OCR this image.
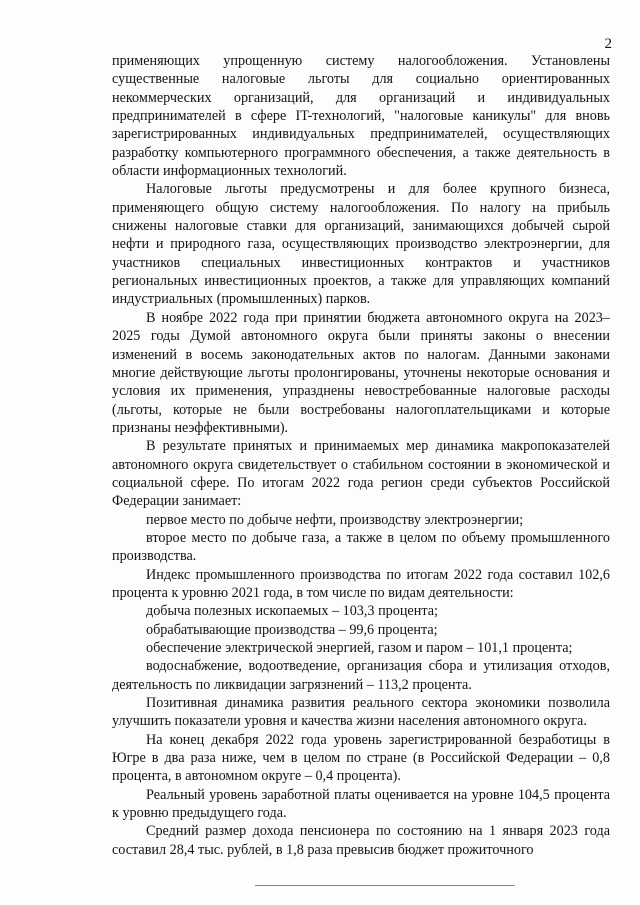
2

применяющих упрощенную систему налогообложения. Установлены существенные налоговые льготы для социально ориентированных некоммерческих организаций, для организаций и индивидуальных предпринимателей в сфере IT-технологий, "налоговые каникулы" для вновь зарегистрированных индивидуальных предпринимателей, осуществляющих разработку компьютерного программного обеспечения, а также деятельность в области информационных технологий.

Налоговые льготы предусмотрены и для более крупного бизнеса, применяющего общую систему налогообложения. По налогу на прибыль снижены налоговые ставки для организаций, занимающихся добычей сырой нефти и природного газа, осуществляющих производство электроэнергии, для участников специальных инвестиционных контрактов и участников региональных инвестиционных проектов, а также для управляющих компаний индустриальных (промышленных) парков.

В ноябре 2022 года при принятии бюджета автономного округа на 2023–2025 годы Думой автономного округа были приняты законы о внесении изменений в восемь законодательных актов по налогам. Данными законами многие действующие льготы пролонгированы, уточнены некоторые основания и условия их применения, упразднены невостребованные налоговые расходы (льготы, которые не были востребованы налогоплательщиками и которые признаны неэффективными).

В результате принятых и принимаемых мер динамика макропоказателей автономного округа свидетельствует о стабильном состоянии в экономической и социальной сфере. По итогам 2022 года регион среди субъектов Российской Федерации занимает:

первое место по добыче нефти, производству электроэнергии;

второе место по добыче газа, а также в целом по объему промышленного производства.

Индекс промышленного производства по итогам 2022 года составил 102,6 процента к уровню 2021 года, в том числе по видам деятельности:

добыча полезных ископаемых – 103,3 процента;

обрабатывающие производства – 99,6 процента;

обеспечение электрической энергией, газом и паром – 101,1 процента;

водоснабжение, водоотведение, организация сбора и утилизация отходов, деятельность по ликвидации загрязнений – 113,2 процента.

Позитивная динамика развития реального сектора экономики позволила улучшить показатели уровня и качества жизни населения автономного округа.

На конец декабря 2022 года уровень зарегистрированной безработицы в Югре в два раза ниже, чем в целом по стране (в Российской Федерации – 0,8 процента, в автономном округе – 0,4 процента).

Реальный уровень заработной платы оценивается на уровне 104,5 процента к уровню предыдущего года.

Средний размер дохода пенсионера по состоянию на 1 января 2023 года составил 28,4 тыс. рублей, в 1,8 раза превысив бюджет прожиточного
